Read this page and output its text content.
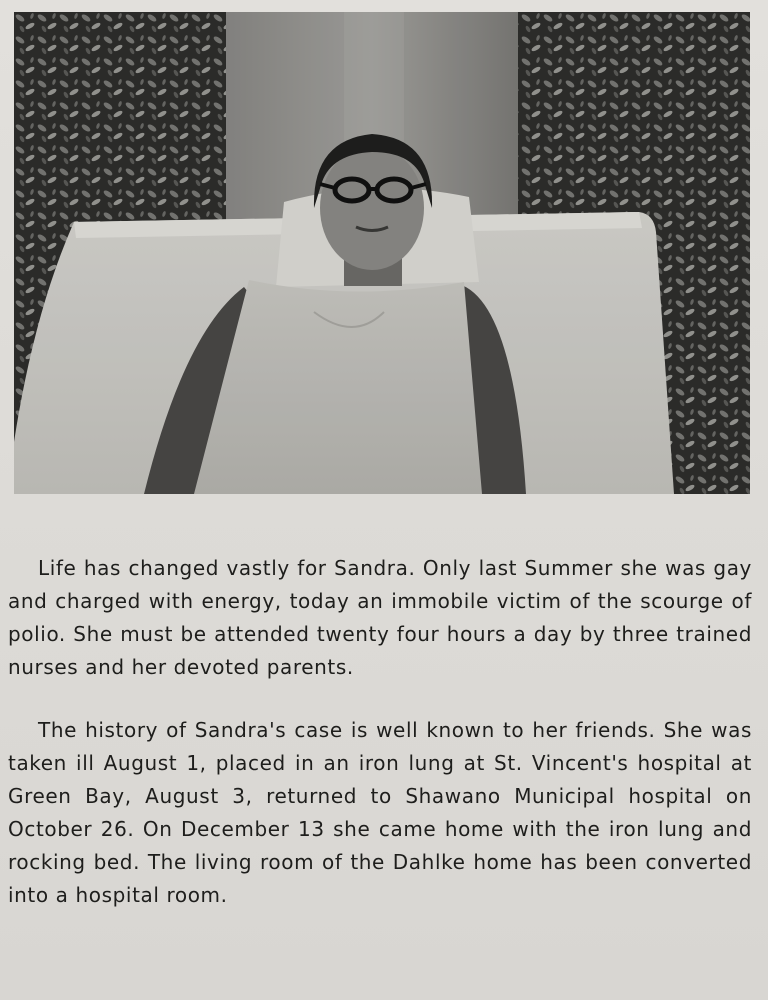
Life has changed vastly for Sandra. Only last Summer she was gay and charged with energy, today an immobile victim of the scourge of polio. She must be attended twenty four hours a day by three trained nurses and her devoted parents.

The history of Sandra's case is well known to her friends. She was taken ill August 1, placed in an iron lung at St. Vincent's hospital at Green Bay, August 3, returned to Shawano Municipal hospital on October 26. On December 13 she came home with the iron lung and rocking bed. The living room of the Dahlke home has been converted into a hospital room.
